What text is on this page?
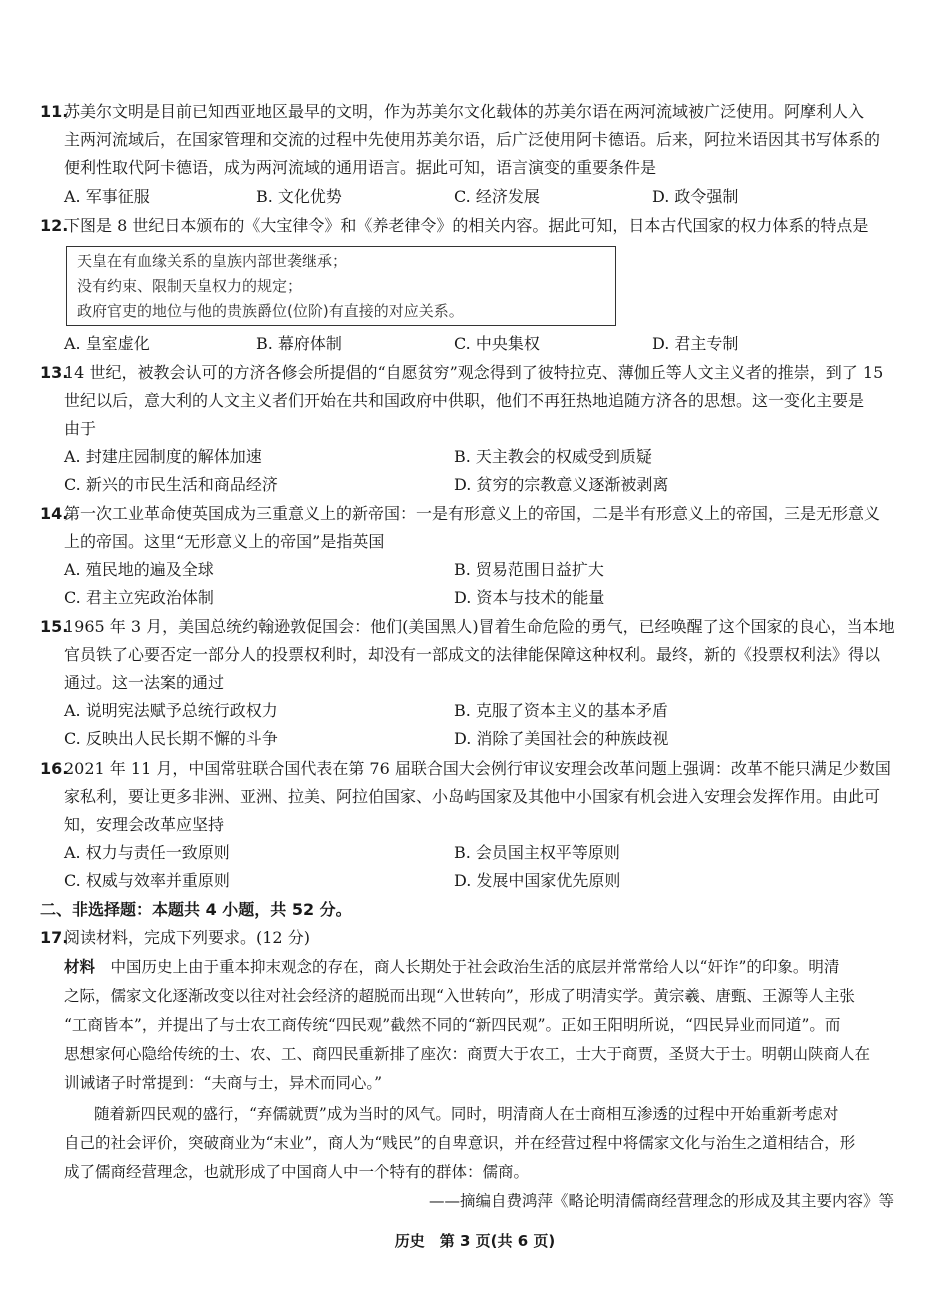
11.苏美尔文明是目前已知西亚地区最早的文明，作为苏美尔文化载体的苏美尔语在两河流域被广泛使用。阿摩利人入
主两河流域后，在国家管理和交流的过程中先使用苏美尔语，后广泛使用阿卡德语。后来，阿拉米语因其书写体系的
便利性取代阿卡德语，成为两河流域的通用语言。据此可知，语言演变的重要条件是
A. 军事征服	B. 文化优势	C. 经济发展	D. 政令强制
12.下图是 8 世纪日本颁布的《大宝律令》和《养老律令》的相关内容。据此可知，日本古代国家的权力体系的特点是
天皇在有血缘关系的皇族内部世袭继承；
没有约束、限制天皇权力的规定；
政府官吏的地位与他的贵族爵位(位阶)有直接的对应关系。
A. 皇室虚化	B. 幕府体制	C. 中央集权	D. 君主专制
13.14 世纪，被教会认可的方济各修会所提倡的“自愿贫穷”观念得到了彼特拉克、薄伽丘等人文主义者的推崇，到了 15
世纪以后，意大利的人文主义者们开始在共和国政府中供职，他们不再狂热地追随方济各的思想。这一变化主要是
由于
A. 封建庄园制度的解体加速	B. 天主教会的权威受到质疑
C. 新兴的市民生活和商品经济	D. 贫穷的宗教意义逐渐被剥离
14.第一次工业革命使英国成为三重意义上的新帝国：一是有形意义上的帝国，二是半有形意义上的帝国，三是无形意义
上的帝国。这里“无形意义上的帝国”是指英国
A. 殖民地的遍及全球	B. 贸易范围日益扩大
C. 君主立宪政治体制	D. 资本与技术的能量
15.1965 年 3 月，美国总统约翰逊敦促国会：他们(美国黑人)冒着生命危险的勇气，已经唤醒了这个国家的良心，当本地
官员铁了心要否定一部分人的投票权利时，却没有一部成文的法律能保障这种权利。最终，新的《投票权利法》得以
通过。这一法案的通过
A. 说明宪法赋予总统行政权力	B. 克服了资本主义的基本矛盾
C. 反映出人民长期不懈的斗争	D. 消除了美国社会的种族歧视
16.2021 年 11 月，中国常驻联合国代表在第 76 届联合国大会例行审议安理会改革问题上强调：改革不能只满足少数国
家私利，要让更多非洲、亚洲、拉美、阿拉伯国家、小岛屿国家及其他中小国家有机会进入安理会发挥作用。由此可
知，安理会改革应坚持
A. 权力与责任一致原则	B. 会员国主权平等原则
C. 权威与效率并重原则	D. 发展中国家优先原则
二、非选择题：本题共 4 小题，共 52 分。
17.阅读材料，完成下列要求。(12 分)
材料　 中国历史上由于重本抑末观念的存在，商人长期处于社会政治生活的底层并常常给人以“奸诈”的印象。明清
之际，儒家文化逐渐改变以往对社会经济的超脱而出现“入世转向”，形成了明清实学。黄宗羲、唐甄、王源等人主张
“工商皆本”，并提出了与士农工商传统“四民观”截然不同的“新四民观”。正如王阳明所说，“四民异业而同道”。而
思想家何心隐给传统的士、农、工、商四民重新排了座次：商贾大于农工，士大于商贾，圣贤大于士。明朝山陕商人在
训诫诸子时常提到：“夫商与士，异术而同心。”
随着新四民观的盛行，“弃儒就贾”成为当时的风气。同时，明清商人在士商相互渗透的过程中开始重新考虑对
自己的社会评价，突破商业为“末业”，商人为“贱民”的自卑意识，并在经营过程中将儒家文化与治生之道相结合，形
成了儒商经营理念，也就形成了中国商人中一个特有的群体：儒商。
——摘编自费鸿萍《略论明清儒商经营理念的形成及其主要内容》等
历史　第 3 页(共 6 页)
